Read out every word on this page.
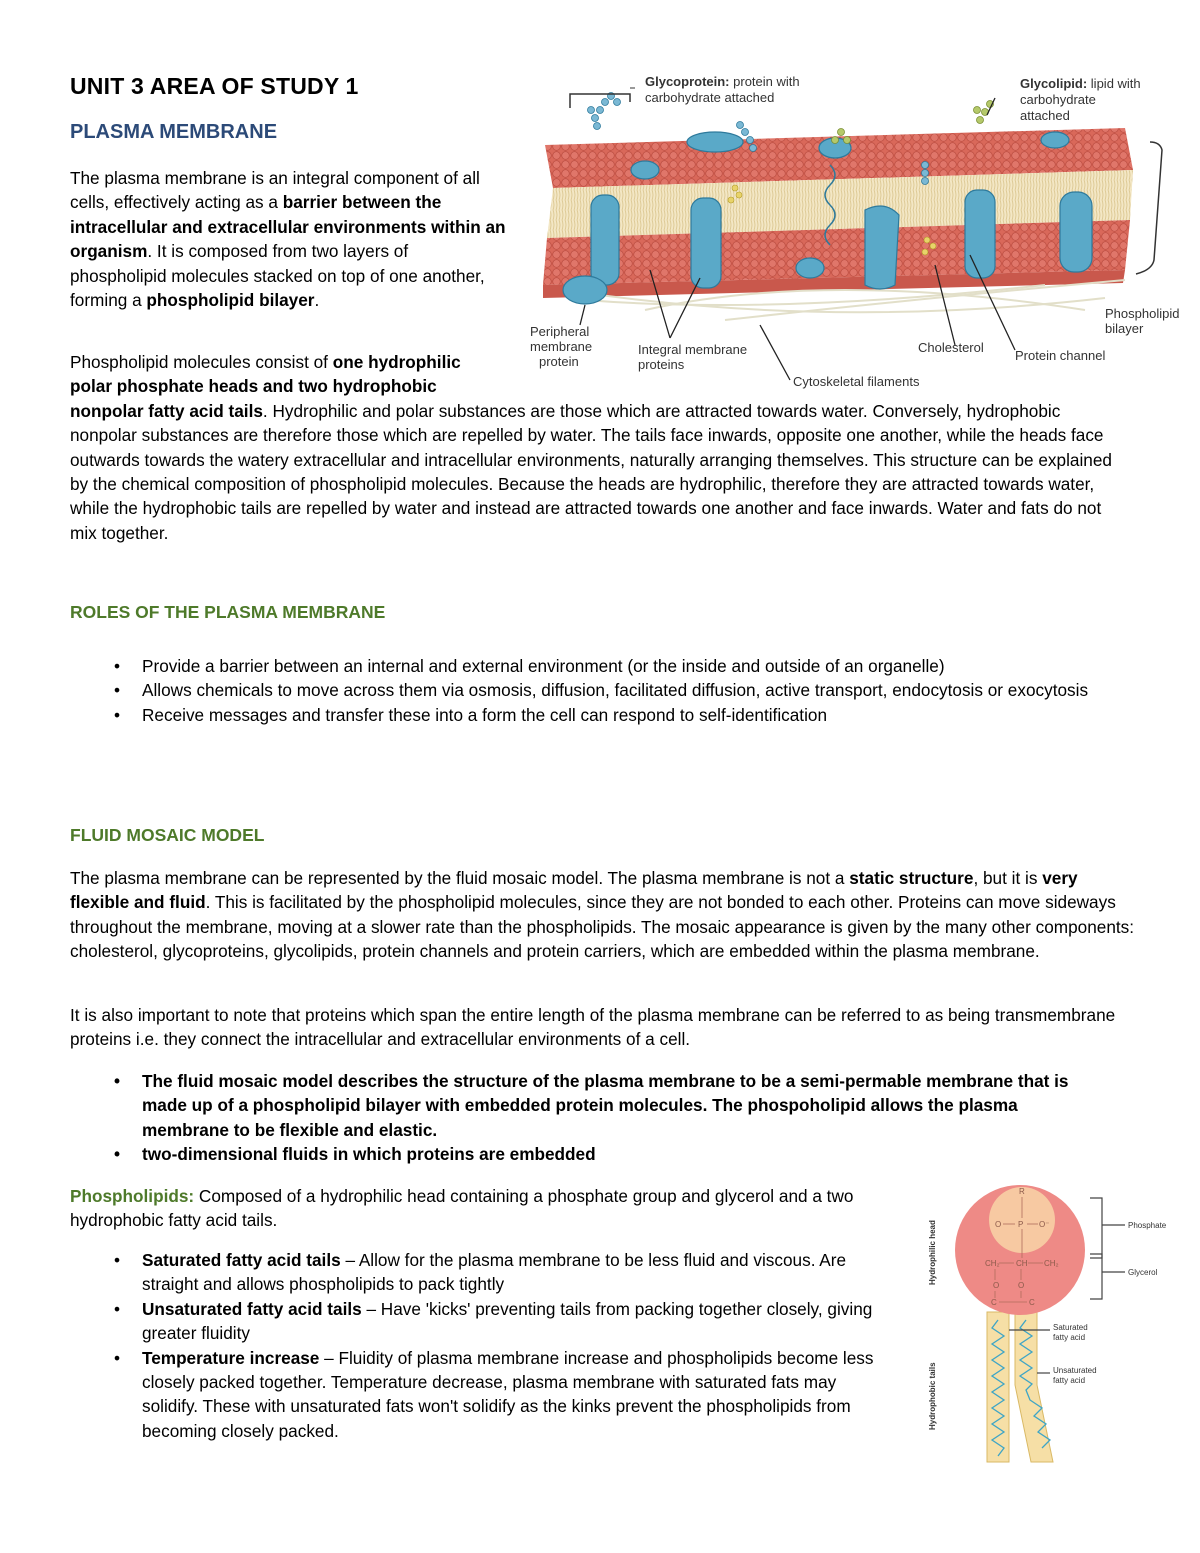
UNIT 3 AREA OF STUDY 1
PLASMA MEMBRANE

The plasma membrane is an integral component of all cells, effectively acting as a barrier between the intracellular and extracellular environments within an organism. It is composed from two layers of phospholipid molecules stacked on top of one another, forming a phospholipid bilayer.

Phospholipid molecules consist of one hydrophilic polar phosphate heads and two hydrophobic nonpolar fatty acid tails. Hydrophilic and polar substances are those which are attracted towards water. Conversely, hydrophobic nonpolar substances are therefore those which are repelled by water. The tails face inwards, opposite one another, while the heads face outwards towards the watery extracellular and intracellular environments, naturally arranging themselves. This structure can be explained by the chemical composition of phospholipid molecules. Because the heads are hydrophilic, therefore they are attracted towards water, while the hydrophobic tails are repelled by water and instead are attracted towards one another and face inwards. Water and fats do not mix together.
Glycoprotein: protein with
carbohydrate attached
Glycolipid: lipid with
carbohydrate
attached
Peripheral
membrane
protein
Integral membrane
proteins
Cholesterol
Protein channel
Phospholipid
bilayer
Cytoskeletal filaments
ROLES OF THE PLASMA MEMBRANE
• Provide a barrier between an internal and external environment (or the inside and outside of an organelle)
• Allows chemicals to move across them via osmosis, diffusion, facilitated diffusion, active transport, endocytosis or exocytosis
• Receive messages and transfer these into a form the cell can respond to self-identification
FLUID MOSAIC MODEL

The plasma membrane can be represented by the fluid mosaic model. The plasma membrane is not a static structure, but it is very flexible and fluid. This is facilitated by the phospholipid molecules, since they are not bonded to each other. Proteins can move sideways throughout the membrane, moving at a slower rate than the phospholipids. The mosaic appearance is given by the many other components: cholesterol, glycoproteins, glycolipids, protein channels and protein carriers, which are embedded within the plasma membrane.

It is also important to note that proteins which span the entire length of the plasma membrane can be referred to as being transmembrane proteins i.e. they connect the intracellular and extracellular environments of a cell.

• The fluid mosaic model describes the structure of the plasma membrane to be a semi-permable membrane that is made up of a phospholipid bilayer with embedded protein molecules. The phospoholipid allows the plasma membrane to be flexible and elastic.
• two-dimensional fluids in which proteins are embedded

Phospholipids: Composed of a hydrophilic head containing a phosphate group and glycerol and a two hydrophobic fatty acid tails.

• Saturated fatty acid tails – Allow for the plasma membrane to be less fluid and viscous. Are straight and allows phospholipids to pack tightly
• Unsaturated fatty acid tails – Have 'kicks' preventing tails from packing together closely, giving greater fluidity
• Temperature increase – Fluidity of plasma membrane increase and phospholipids become less closely packed together. Temperature decrease, plasma membrane with saturated fats may solidify. These with unsaturated fats won't solidify as the kinks prevent the phospholipids from becoming closely packed.
Hydrophilic head
Hydrophobic tails
R
O P O⁻
CH₂ CH CH₂
O O
C	C
Phosphate
Glycerol
Saturated
fatty acid
Unsaturated
fatty acid
